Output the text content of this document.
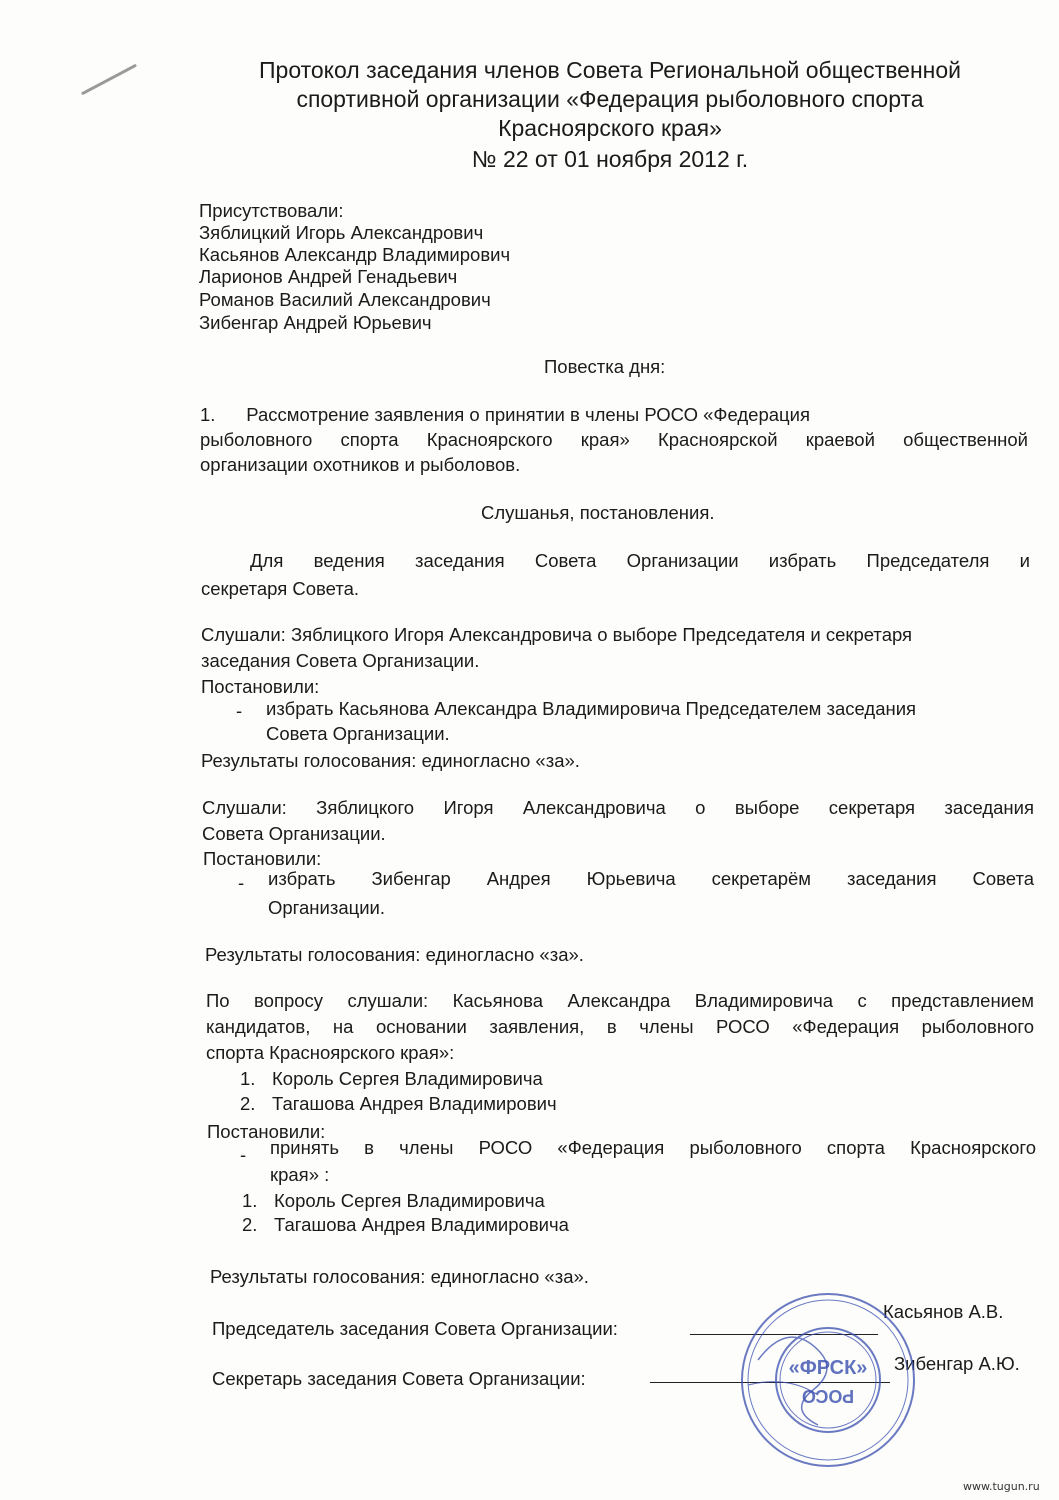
Протокол заседания членов Совета Региональной общественной
спортивной организации «Федерация рыболовного спорта
Красноярского края»
№ 22 от 01 ноября 2012 г.
Присутствовали:
Зяблицкий Игорь Александрович
Касьянов Александр Владимирович
Ларионов Андрей Генадьевич
Романов Василий Александрович
Зибенгар Андрей Юрьевич
Повестка дня:
1.      Рассмотрение заявления о принятии в члены РОСО «Федерация
рыболовного спорта Красноярского края» Красноярской краевой общественной
организации охотников и рыболовов.
Слушанья, постановления.
Для ведения заседания Совета Организации избрать Председателя и
секретаря Совета.
Слушали: Зяблицкого Игоря Александровича о выборе Председателя и секретаря
заседания Совета Организации.
Постановили:
- избрать Касьянова Александра Владимировича Председателем заседания
Совета Организации.
Результаты голосования: единогласно «за».
Слушали: Зяблицкого Игоря Александровича о выборе секретаря заседания
Совета Организации.
Постановили:
- избрать Зибенгар Андрея Юрьевича секретарём заседания Совета
Организации.
Результаты голосования: единогласно «за».
По вопросу слушали: Касьянова Александра Владимировича с представлением
кандидатов, на основании заявления, в члены РОСО «Федерация рыболовного
спорта Красноярского края»:
1. Король Сергея Владимировича
2. Тагашова Андрея Владимирович
Постановили:
- принять в члены РОСО «Федерация рыболовного спорта Красноярского
края» :
1. Король Сергея Владимировича
2. Тагашова Андрея Владимировича
Результаты голосования: единогласно «за».
Председатель заседания Совета Организации:
Касьянов А.В.
Секретарь заседания Совета Организации:
Зибенгар А.Ю.
«ФРСК»
РОСО
www.tugun.ru
